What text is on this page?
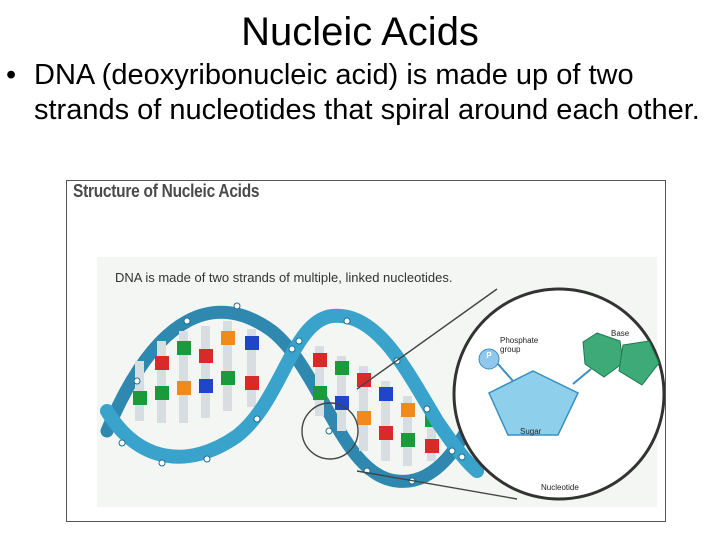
Nucleic Acids
• DNA (deoxyribonucleic acid) is made up of two strands of nucleotides that spiral around each other.
Structure of Nucleic Acids
DNA is made of two strands of multiple, linked nucleotides.
P
Phosphate group
Base
Sugar
Nucleotide
